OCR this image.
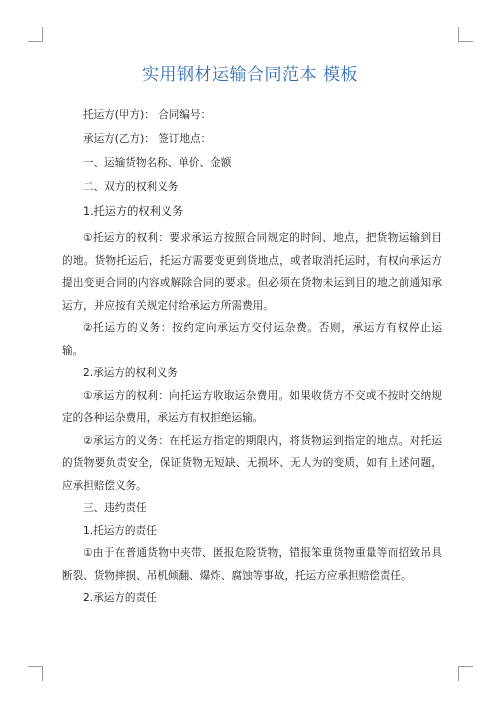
实用钢材运输合同范本 模板

托运方(甲方)： 合同编号：

承运方(乙方)： 签订地点：

一、运输货物名称、单价、金额

二、双方的权利义务

1.托运方的权利义务

①托运方的权利：要求承运方按照合同规定的时间、地点，把货物运输到目的地。货物托运后，托运方需要变更到货地点，或者取消托运时，有权向承运方提出变更合同的内容或解除合同的要求。但必须在货物未运到目的地之前通知承运方，并应按有关规定付给承运方所需费用。

②托运方的义务：按约定向承运方交付运杂费。否则，承运方有权停止运输。

2.承运方的权利义务

①承运方的权利：向托运方收取运杂费用。如果收货方不交或不按时交纳规定的各种运杂费用，承运方有权拒绝运输。

②承运方的义务：在托运方指定的期限内，将货物运到指定的地点。对托运的货物要负责安全，保证货物无短缺、无损坏、无人为的变质，如有上述问题，应承担赔偿义务。

三、违约责任

1.托运方的责任

①由于在普通货物中夹带、匿报危险货物，错报笨重货物重量等而招致吊具断裂、货物摔损、吊机倾翻、爆炸、腐蚀等事故，托运方应承担赔偿责任。

2.承运方的责任
